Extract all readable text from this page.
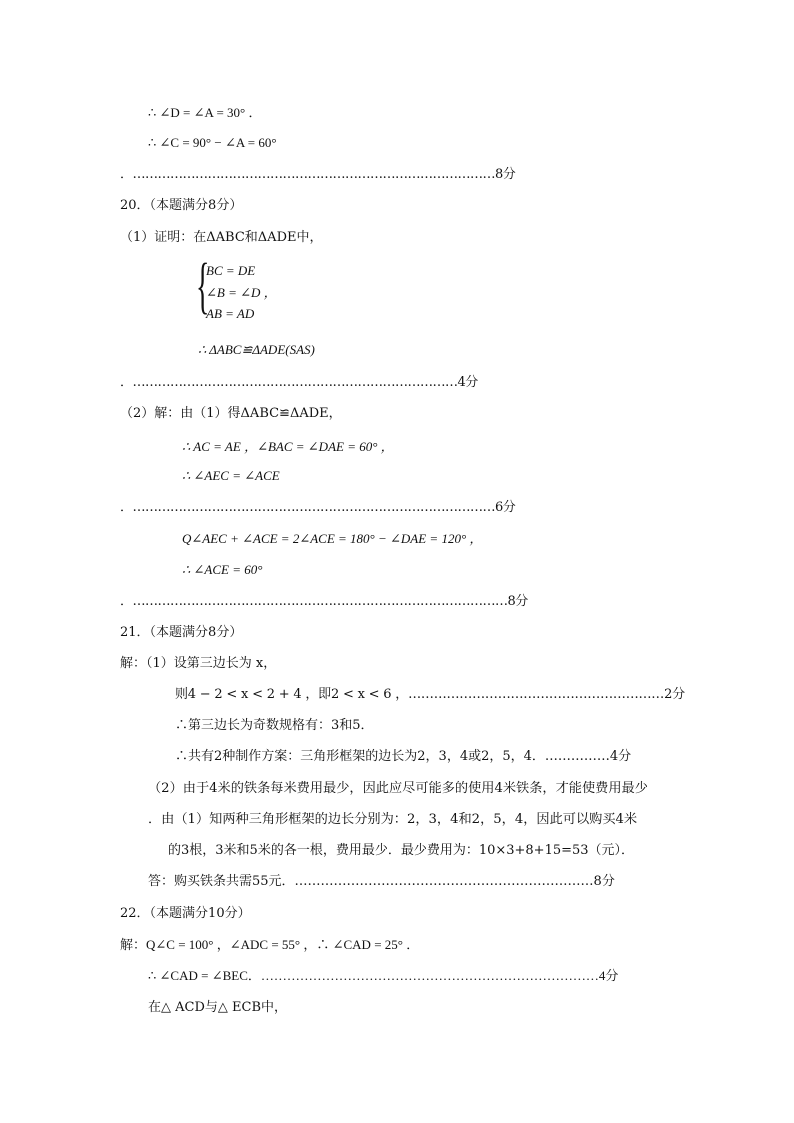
∴ ∠D = ∠A = 30° ．
∴ ∠C = 90° − ∠A = 60°
．……………………………………………………………………………8分
20．（本题满分8分）
（1）证明：在ΔABC和ΔADE中，
{
BC = DE
∠B = ∠D ，
AB = AD
∴ ΔABC≌ΔADE(SAS)
．……………………………………………………………………4分
（2）解：由（1）得ΔABC≌ΔADE，
∴ AC = AE ，∠BAC = ∠DAE = 60° ，
∴ ∠AEC = ∠ACE
．……………………………………………………………………………6分
Q∠AEC + ∠ACE = 2∠ACE = 180° − ∠DAE = 120° ，
∴ ∠ACE = 60°
．………………………………………………………………………………8分
21．（本题满分8分）
解：（1）设第三边长为 x，
则4 − 2 < x < 2 + 4 ，即2 < x < 6 ，……………………………………………………2分
∴第三边长为奇数规格有：3和5．
∴共有2种制作方案：三角形框架的边长为2，3，4或2，5，4．……………4分
（2）由于4米的铁条每米费用最少，因此应尽可能多的使用4米铁条，才能使费用最少
．由（1）知两种三角形框架的边长分别为：2，3，4和2，5，4，因此可以购买4米
的3根，3米和5米的各一根，费用最少．最少费用为：10×3+8+15=53（元）．
答：购买铁条共需55元．……………………………………………………………8分
22．（本题满分10分）
解：Q∠C = 100° ，∠ADC = 55° ，∴ ∠CAD = 25° ．
∴ ∠CAD = ∠BEC．……………………………………………………………………4分
在△ ACD与△ ECB中，
